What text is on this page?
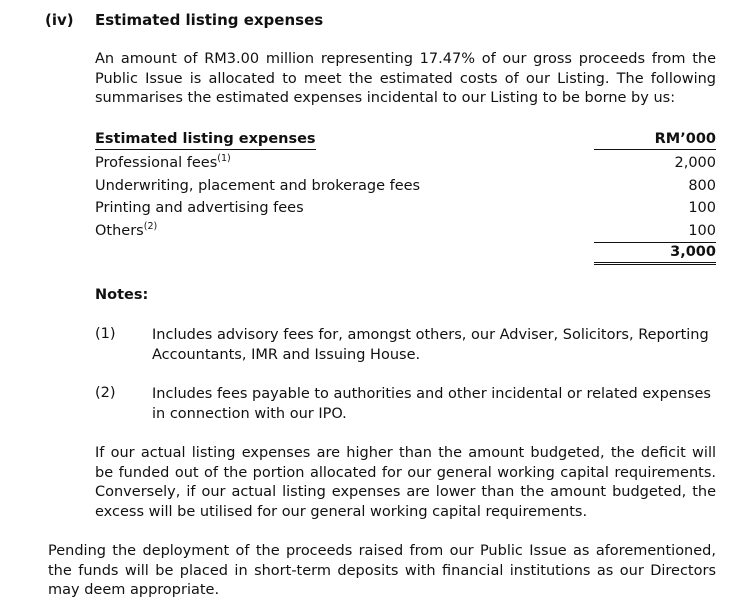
(iv) Estimated listing expenses
An amount of RM3.00 million representing 17.47% of our gross proceeds from the Public Issue is allocated to meet the estimated costs of our Listing. The following summarises the estimated expenses incidental to our Listing to be borne by us:
Estimated listing expenses	RM’000
Professional fees$^{(1)}$	2,000
Underwriting, placement and brokerage fees	800
Printing and advertising fees	100
Others$^{(2)}$	100
3,000
Notes:
(1)	Includes advisory fees for, amongst others, our Adviser, Solicitors, Reporting Accountants, IMR and Issuing House.
(2)	Includes fees payable to authorities and other incidental or related expenses in connection with our IPO.
If our actual listing expenses are higher than the amount budgeted, the deficit will be funded out of the portion allocated for our general working capital requirements. Conversely, if our actual listing expenses are lower than the amount budgeted, the excess will be utilised for our general working capital requirements.
Pending the deployment of the proceeds raised from our Public Issue as aforementioned, the funds will be placed in short-term deposits with financial institutions as our Directors may deem appropriate.
